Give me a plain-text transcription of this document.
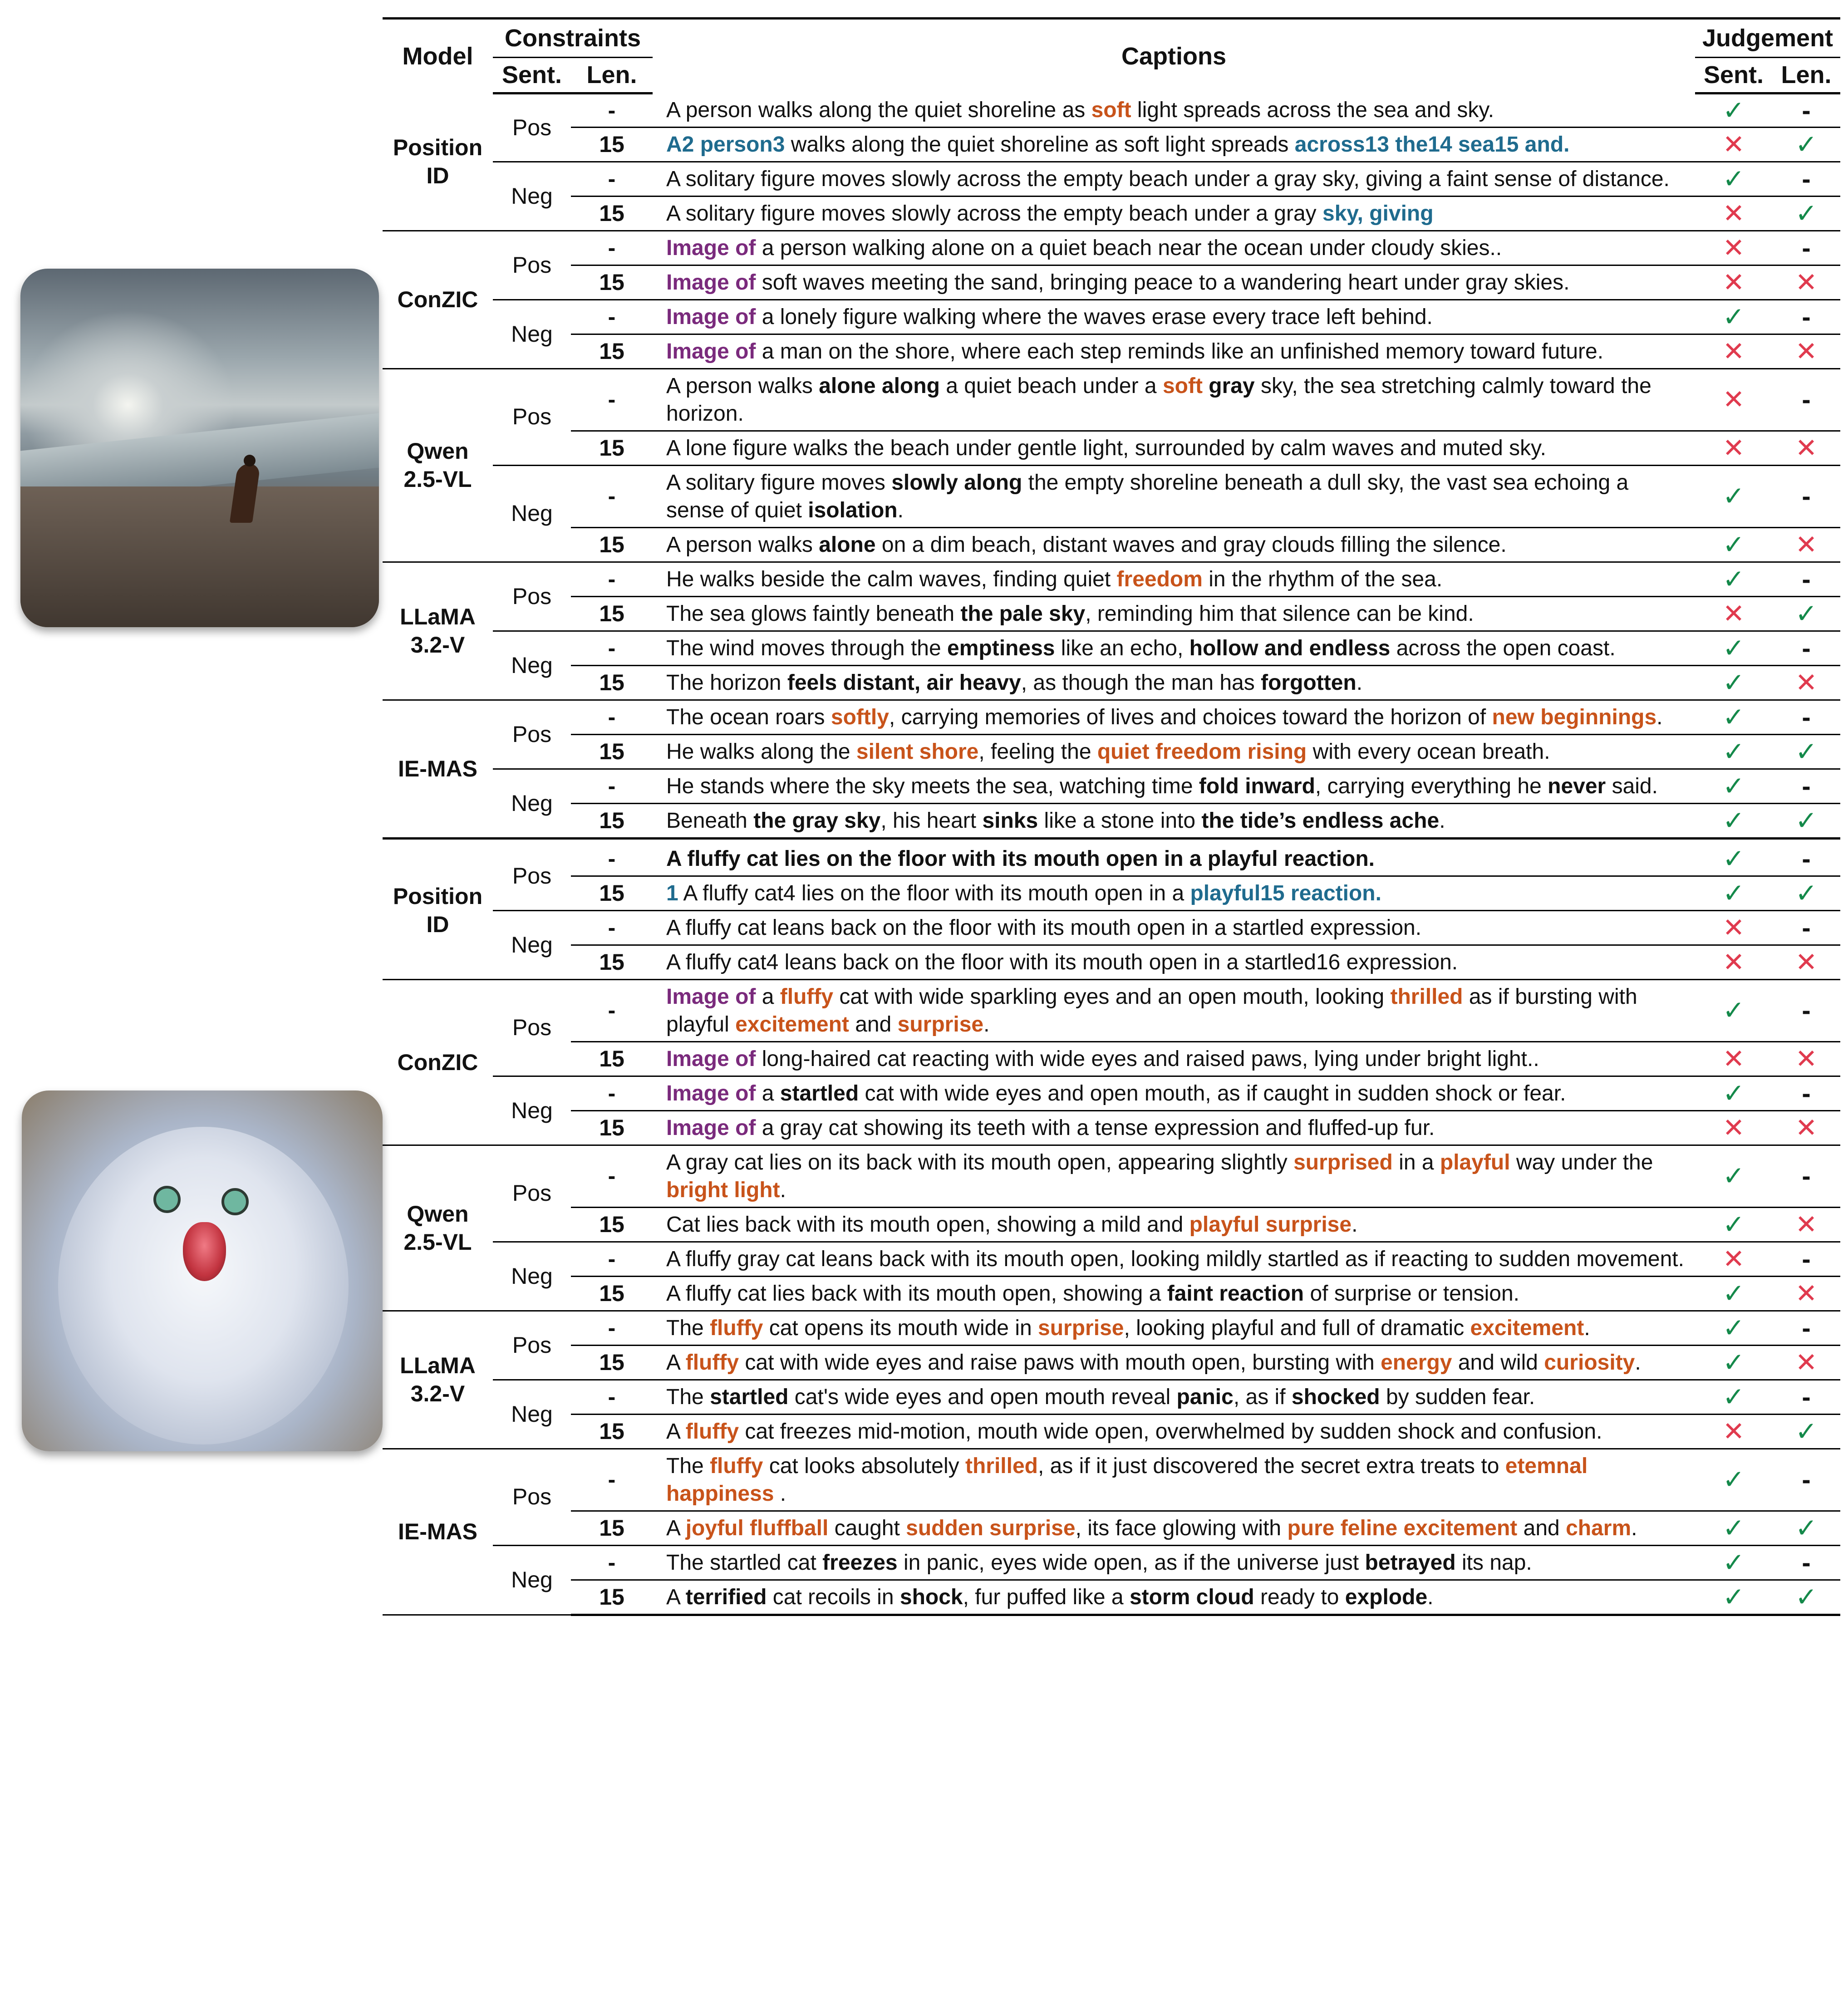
Model	Constraints		Captions	Judgement	
	Sent.	Len.		Sent.	Len.

Position
ID	Pos	-	A person walks along the quiet shoreline as soft light spreads across the sea and sky.	✓	-
		15	A2 person3 walks along the quiet shoreline as soft light spreads across13 the14 sea15 and.	✕	✓
	Neg	-	A solitary figure moves slowly across the empty beach under a gray sky, giving a faint sense of distance.	✓	-
		15	A solitary figure moves slowly across the empty beach under a gray sky, giving	✕	✓

ConZIC	Pos	-	Image of a person walking alone on a quiet beach near the ocean under cloudy skies..	✕	-
		15	Image of soft waves meeting the sand, bringing peace to a wandering heart under gray skies.	✕	✕
	Neg	-	Image of a lonely figure walking where the waves erase every trace left behind.	✓	-
		15	Image of a man on the shore, where each step reminds like an unfinished memory toward future.	✕	✕

Qwen
2.5-VL	Pos	-	A person walks alone along a quiet beach under a soft gray sky, the sea stretching calmly toward the horizon.	✕	-
		15	A lone figure walks the beach under gentle light, surrounded by calm waves and muted sky.	✕	✕
	Neg	-	A solitary figure moves slowly along the empty shoreline beneath a dull sky, the vast sea echoing a sense of quiet isolation.	✓	-
		15	A person walks alone on a dim beach, distant waves and gray clouds filling the silence.	✓	✕

LLaMA
3.2-V	Pos	-	He walks beside the calm waves, finding quiet freedom in the rhythm of the sea.	✓	-
		15	The sea glows faintly beneath the pale sky, reminding him that silence can be kind.	✕	✓
	Neg	-	The wind moves through the emptiness like an echo, hollow and endless across the open coast.	✓	-
		15	The horizon feels distant, air heavy, as though the man has forgotten.	✓	✕

IE-MAS	Pos	-	The ocean roars softly, carrying memories of lives and choices toward the horizon of new beginnings.	✓	-
		15	He walks along the silent shore, feeling the quiet freedom rising with every ocean breath.	✓	✓
	Neg	-	He stands where the sky meets the sea, watching time fold inward, carrying everything he never said.	✓	-
		15	Beneath the gray sky, his heart sinks like a stone into the tide’s endless ache.	✓	✓

Position
ID	Pos	-	A fluffy cat lies on the floor with its mouth open in a playful reaction.	✓	-
		15	1 A fluffy cat4 lies on the floor with its mouth open in a playful15 reaction.	✓	✓
	Neg	-	A fluffy cat leans back on the floor with its mouth open in a startled expression.	✕	-
		15	A fluffy cat4 leans back on the floor with its mouth open in a startled16 expression.	✕	✕

ConZIC	Pos	-	Image of a fluffy cat with wide sparkling eyes and an open mouth, looking thrilled as if bursting with playful excitement and surprise.	✓	-
		15	Image of long-haired cat reacting with wide eyes and raised paws, lying under bright light..	✕	✕
	Neg	-	Image of a startled cat with wide eyes and open mouth, as if caught in sudden shock or fear.	✓	-
		15	Image of a gray cat showing its teeth with a tense expression and fluffed-up fur.	✕	✕

Qwen
2.5-VL	Pos	-	A gray cat lies on its back with its mouth open, appearing slightly surprised in a playful way under the bright light.	✓	-
		15	Cat lies back with its mouth open, showing a mild and playful surprise.	✓	✕
	Neg	-	A fluffy gray cat leans back with its mouth open, looking mildly startled as if reacting to sudden movement.	✕	-
		15	A fluffy cat lies back with its mouth open, showing a faint reaction of surprise or tension.	✓	✕

LLaMA
3.2-V	Pos	-	The fluffy cat opens its mouth wide in surprise, looking playful and full of dramatic excitement.	✓	-
		15	A fluffy cat with wide eyes and raise paws with mouth open, bursting with energy and wild curiosity.	✓	✕
	Neg	-	The startled cat's wide eyes and open mouth reveal panic, as if shocked by sudden fear.	✓	-
		15	A fluffy cat freezes mid-motion, mouth wide open, overwhelmed by sudden shock and confusion.	✕	✓

IE-MAS	Pos	-	The fluffy cat looks absolutely thrilled, as if it just discovered the secret extra treats to etemnal happiness .	✓	-
		15	A joyful fluffball caught sudden surprise, its face glowing with pure feline excitement and charm.	✓	✓
	Neg	-	The startled cat freezes in panic, eyes wide open, as if the universe just betrayed its nap.	✓	-
		15	A terrified cat recoils in shock, fur puffed like a storm cloud ready to explode.	✓	✓
